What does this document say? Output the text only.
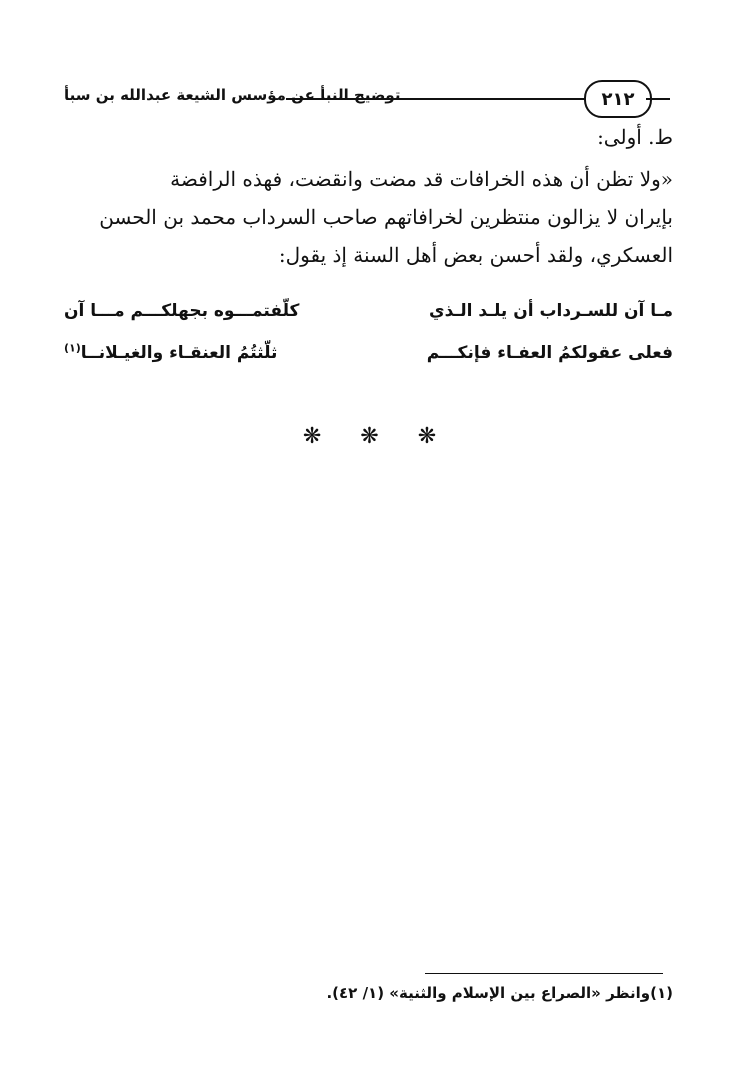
توضيح النبأ عن مؤسس الشيعة عبدالله بن سبأ	٢١٢
ط. أولى:

«ولا تظن أن هذه الخرافات قد مضت وانقضت، فهذه الرافضة

بإيران لا يزالون منتظرين لخرافاتهم صاحب السرداب محمد بن الحسن

العسكري، ولقد أحسن بعض أهل السنة إذ يقول:

مـا آن للسـرداب أن يلـد الـذي
كلّفتمـــوه بجهلكـــم مـــا آن
فعلى عقولكمُ العفـاء فإنكـــم
ثلّثتُمُ العنقـاء والغيـلانــا$^{(١)}$
❋ ❋ ❋
(١)وانظر «الصراع بين الإسلام والثنية» (١/ ٤٢).
